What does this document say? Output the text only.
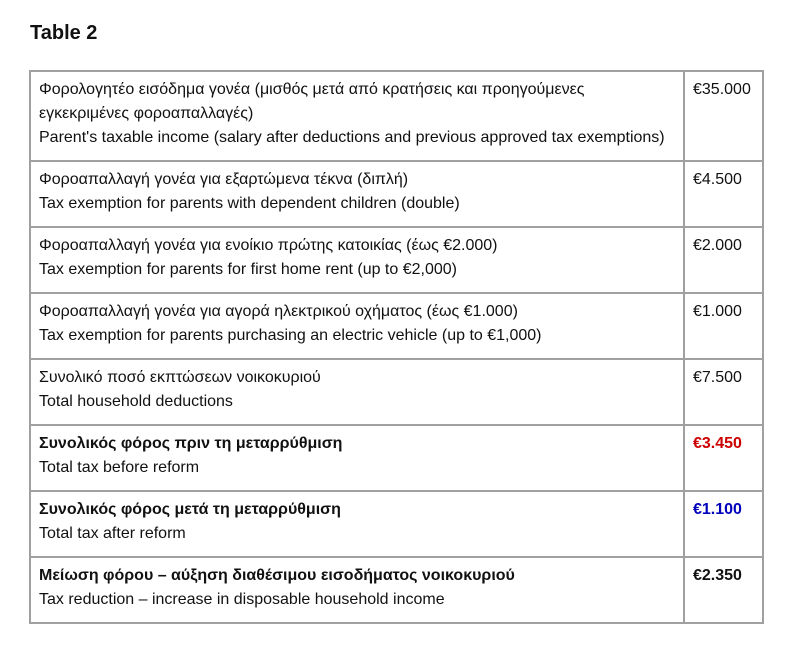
Table 2
Φορολογητέο εισόδημα γονέα (μισθός μετά από κρατήσεις και προηγούμενες εγκεκριμένες φοροαπαλλαγές)
Parent's taxable income (salary after deductions and previous approved tax exemptions)	€35.000

Φοροαπαλλαγή γονέα για εξαρτώμενα τέκνα (διπλή)
Tax exemption for parents with dependent children (double)	€4.500

Φοροαπαλλαγή γονέα για ενοίκιο πρώτης κατοικίας (έως €2.000)
Tax exemption for parents for first home rent (up to €2,000)	€2.000

Φοροαπαλλαγή γονέα για αγορά ηλεκτρικού οχήματος (έως €1.000)
Tax exemption for parents purchasing an electric vehicle (up to €1,000)	€1.000

Συνολικό ποσό εκπτώσεων νοικοκυριού
Total household deductions	€7.500

Συνολικός φόρος πριν τη μεταρρύθμιση
Total tax before reform	€3.450

Συνολικός φόρος μετά τη μεταρρύθμιση
Total tax after reform	€1.100

Μείωση φόρου – αύξηση διαθέσιμου εισοδήματος νοικοκυριού
Tax reduction – increase in disposable household income	€2.350
